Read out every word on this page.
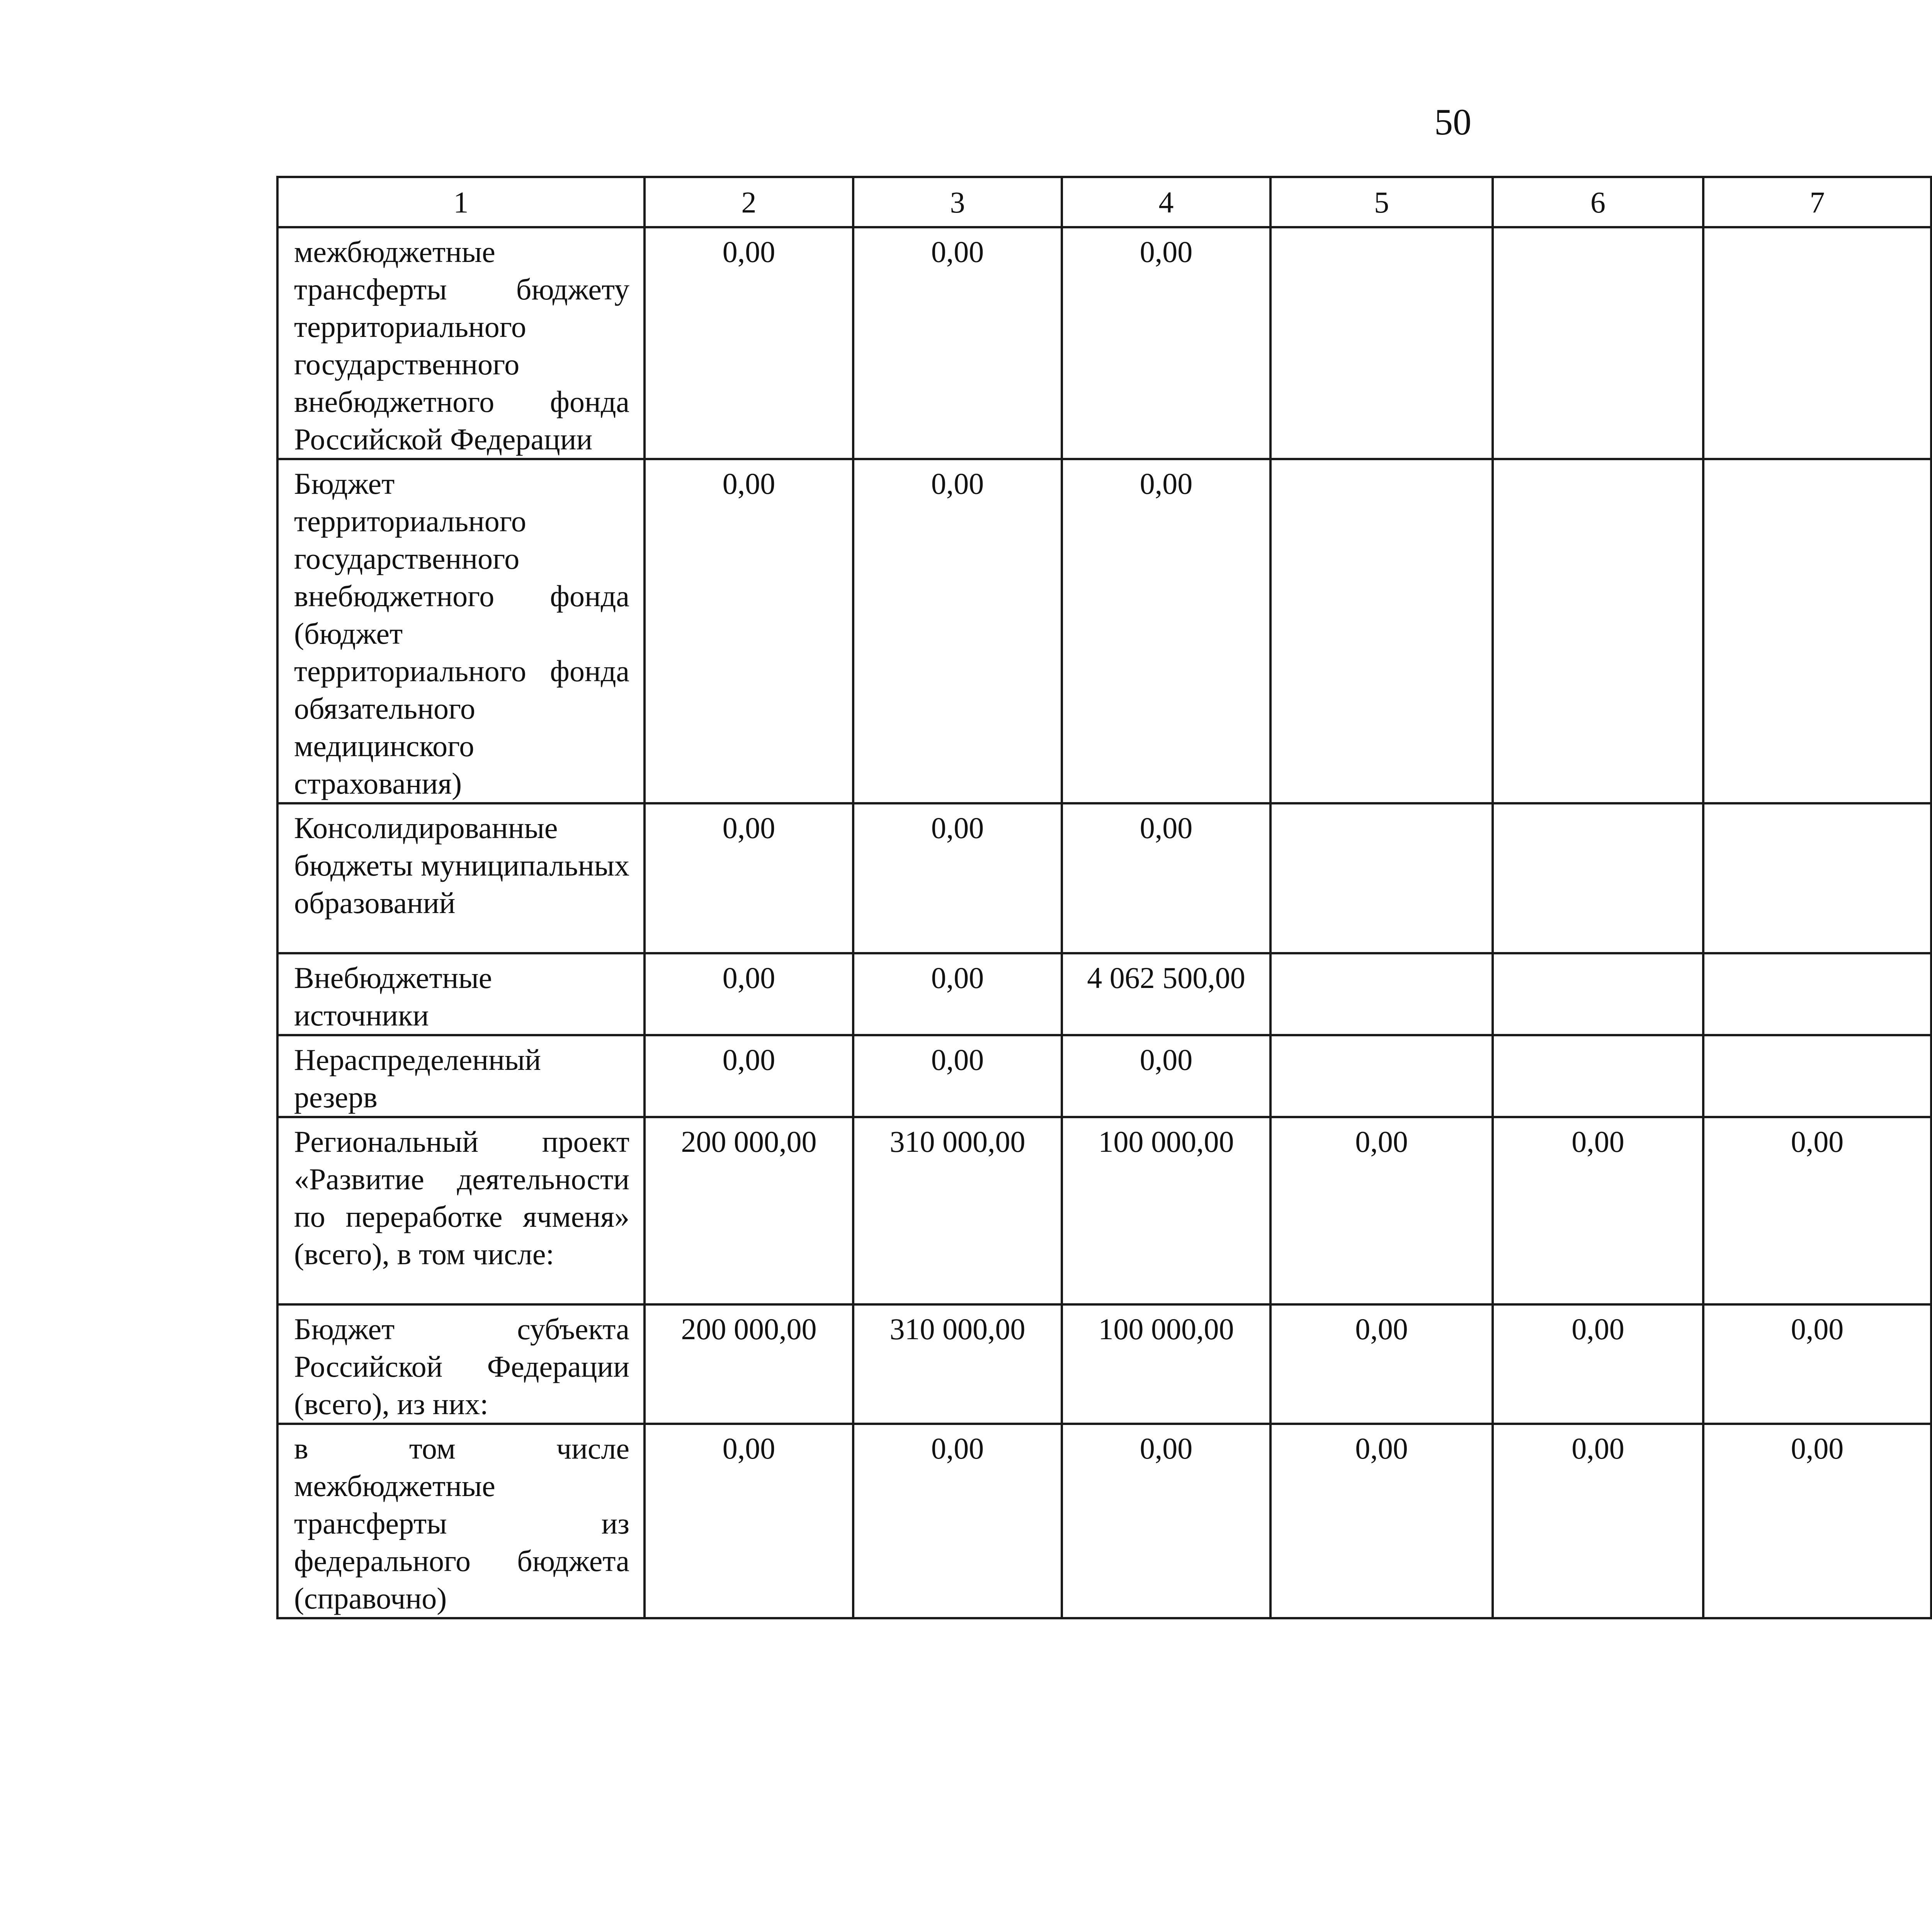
50
1	2	3	4	5	6	7		
межбюджетные трансферты бюджету территориального государственного внебюджетного фонда Российской Федерации	0,00	0,00	0,00					
Бюджет территориального государственного внебюджетного фонда (бюджет территориального фонда обязательного медицинского страхования)	0,00	0,00	0,00					
Консолидированные бюджеты муниципальных образований	0,00	0,00	0,00					
Внебюджетные источники	0,00	0,00	4 062 500,00					
Нераспределенный резерв	0,00	0,00	0,00					
Региональный проект «Развитие деятельности по переработке ячменя» (всего), в том числе:	200 000,00	310 000,00	100 000,00	0,00	0,00	0,00		
Бюджет субъекта Российской Федерации (всего), из них:	200 000,00	310 000,00	100 000,00	0,00	0,00	0,00		
в том числе межбюджетные трансферты из федерального бюджета (справочно)	0,00	0,00	0,00	0,00	0,00	0,00		
